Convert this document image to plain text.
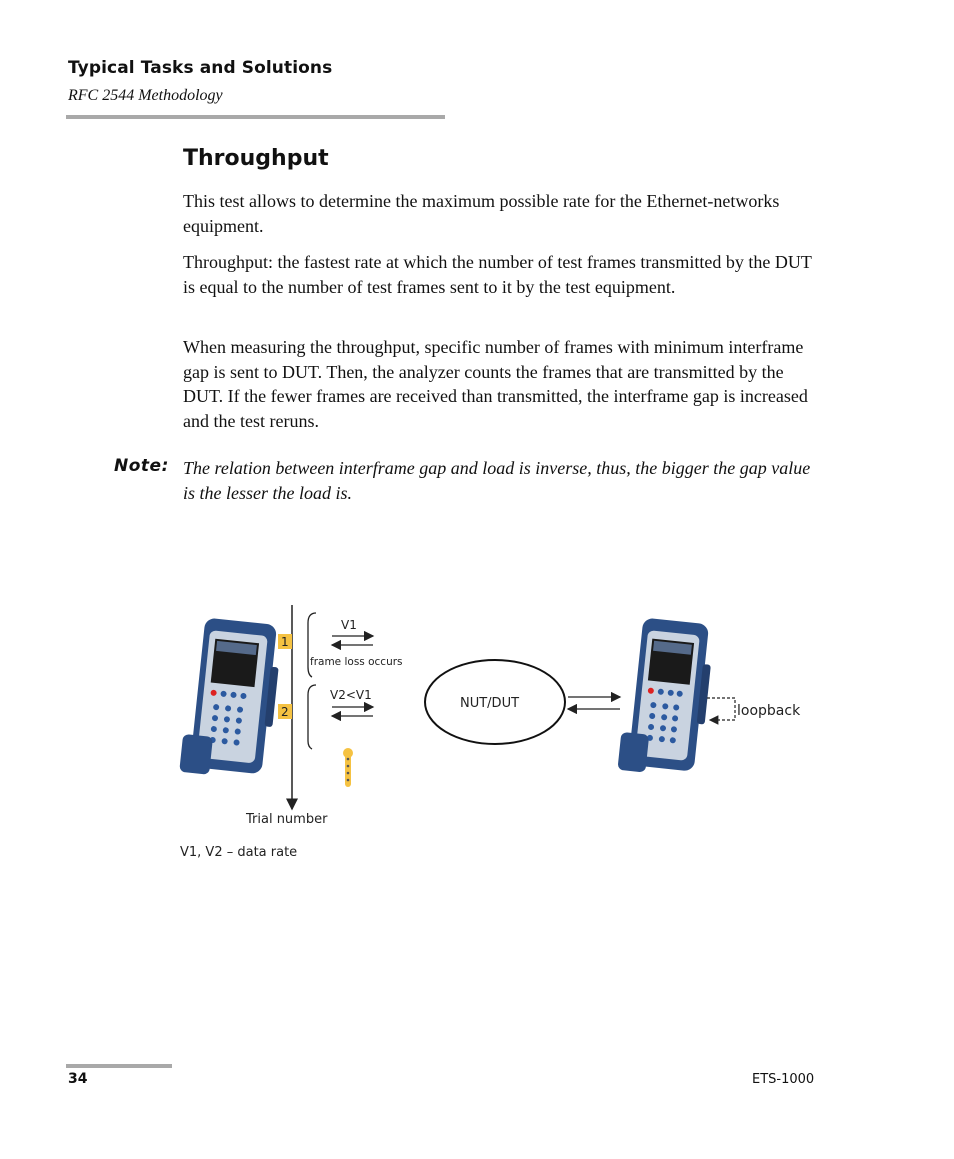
Typical Tasks and Solutions
RFC 2544 Methodology
Throughput

This test allows to determine the maximum possible rate for the Ethernet-networks equipment.

Throughput: the fastest rate at which the number of test frames transmitted by the DUT is equal to the number of test frames sent to it by the test equipment.

When measuring the throughput, specific number of frames with minimum interframe gap is sent to DUT. Then, the analyzer counts the frames that are transmitted by the DUT. If the fewer frames are received than transmitted, the interframe gap is increased and the test reruns.

Note: The relation between interframe gap and load is inverse, thus, the bigger the gap value is the lesser the load is.

1
2
V1
frame loss occurs
V2<V1
NUT/DUT	loopback
Trial number
V1, V2 – data rate
34	ETS-1000
